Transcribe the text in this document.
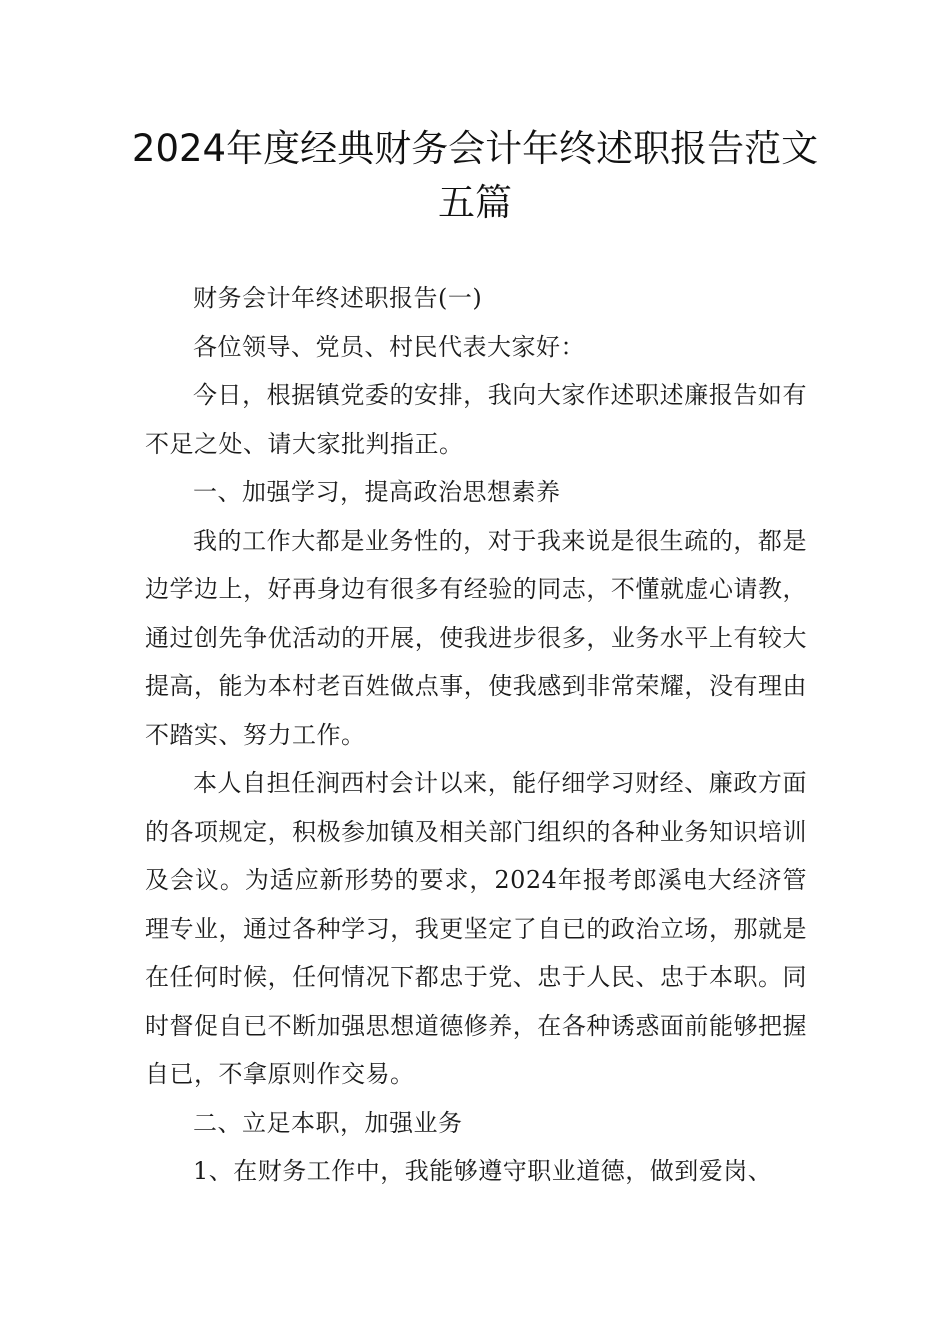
2024年度经典财务会计年终述职报告范文五篇

财务会计年终述职报告(一)

各位领导、党员、村民代表大家好：

今日，根据镇党委的安排，我向大家作述职述廉报告如有不足之处、请大家批判指正。

一、加强学习，提高政治思想素养

我的工作大都是业务性的，对于我来说是很生疏的，都是边学边上，好再身边有很多有经验的同志，不懂就虚心请教，通过创先争优活动的开展，使我进步很多，业务水平上有较大提高，能为本村老百姓做点事，使我感到非常荣耀，没有理由不踏实、努力工作。

本人自担任涧西村会计以来，能仔细学习财经、廉政方面的各项规定，积极参加镇及相关部门组织的各种业务知识培训及会议。为适应新形势的要求，2024年报考郎溪电大经济管理专业，通过各种学习，我更坚定了自已的政治立场，那就是在任何时候，任何情况下都忠于党、忠于人民、忠于本职。同时督促自已不断加强思想道德修养，在各种诱惑面前能够把握自已，不拿原则作交易。

二、立足本职，加强业务

1、在财务工作中，我能够遵守职业道德，做到爱岗、
